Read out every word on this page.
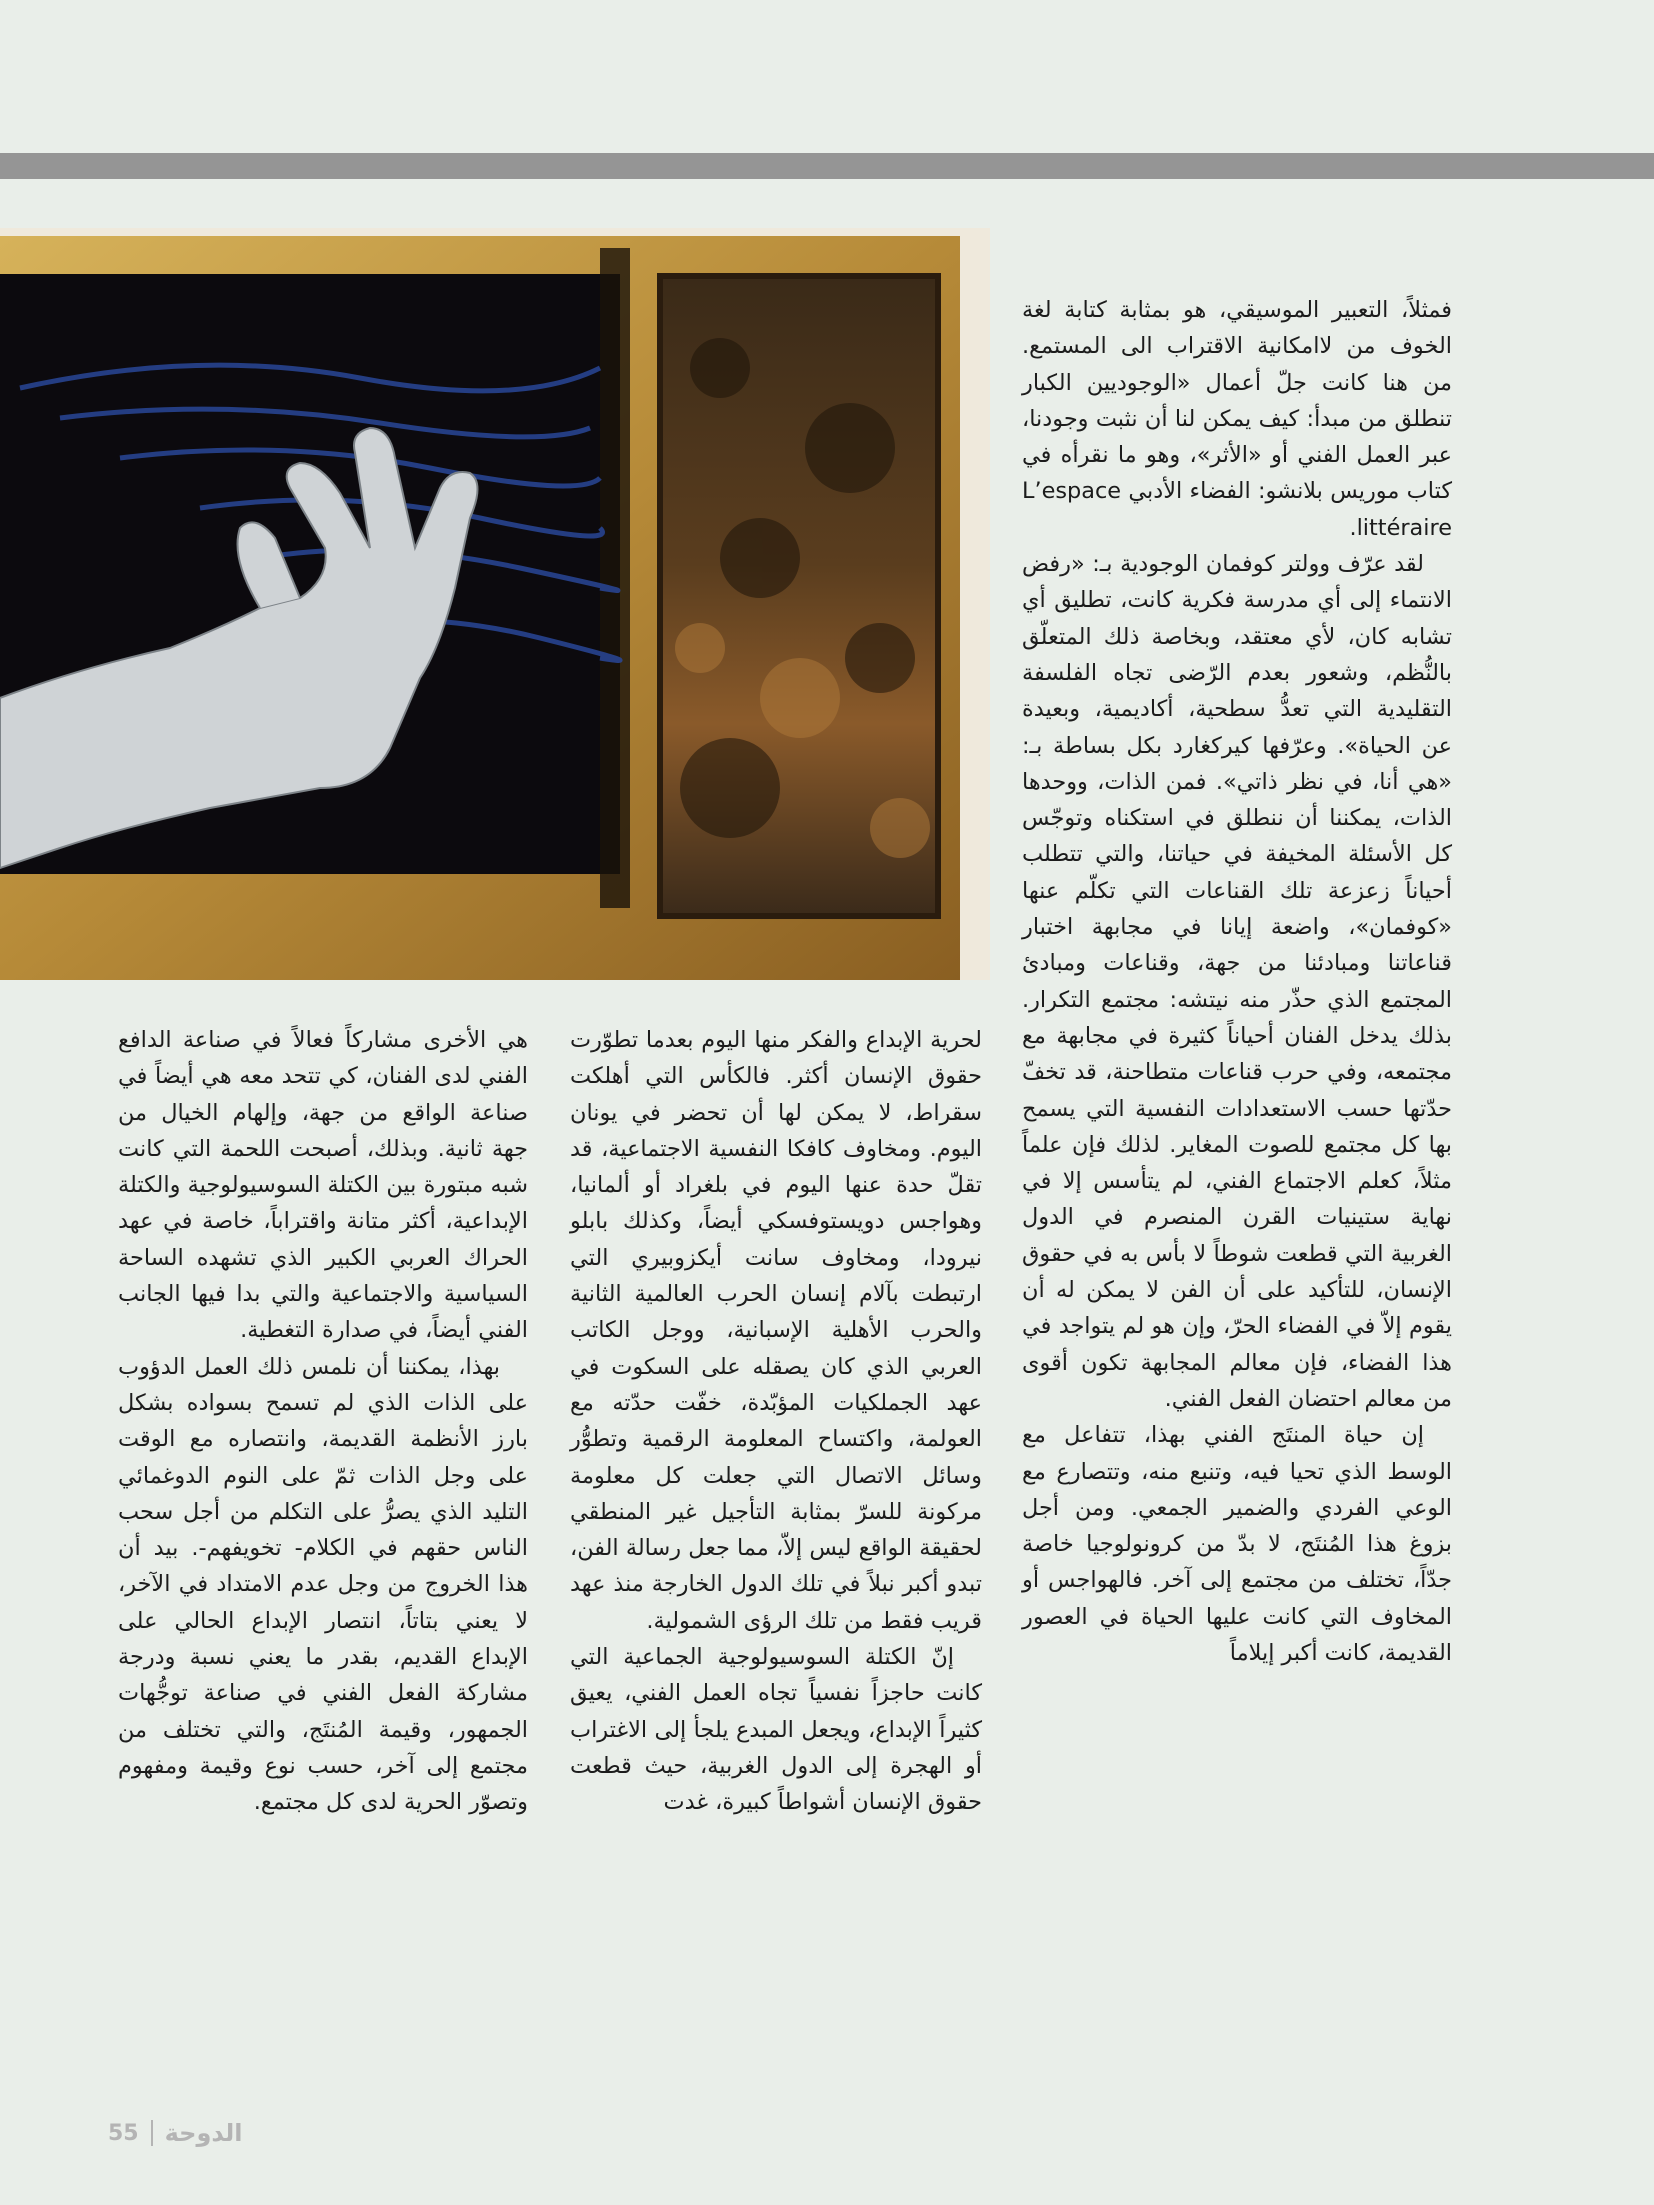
فمثلاً، التعبير الموسيقي، هو بمثابة كتابة لغة الخوف من لاامكانية الاقتراب الى المستمع. من هنا كانت جلّ أعمال «الوجوديين الكبار تنطلق من مبدأ: كيف يمكن لنا أن نثبت وجودنا، عبر العمل الفني أو «الأثر»، وهو ما نقرأه في كتاب موريس بلانشو: الفضاء الأدبي L’espace littéraire.

لقد عرّف وولتر كوفمان الوجودية بـ: «رفض الانتماء إلى أي مدرسة فكرية كانت، تطليق أي تشابه كان، لأي معتقد، وبخاصة ذلك المتعلّق بالنُّظم، وشعور بعدم الرّضى تجاه الفلسفة التقليدية التي تعدُّ سطحية، أكاديمية، وبعيدة عن الحياة». وعرّفها كيركغارد بكل بساطة بـ: «هي أنا، في نظر ذاتي». فمن الذات، ووحدها الذات، يمكننا أن ننطلق في استكناه وتوجّس كل الأسئلة المخيفة في حياتنا، والتي تتطلب أحياناً زعزعة تلك القناعات التي تكلّم عنها «كوفمان»، واضعة إيانا في مجابهة اختبار قناعاتنا ومبادئنا من جهة، وقناعات ومبادئ المجتمع الذي حذّر منه نيتشه: مجتمع التكرار. بذلك يدخل الفنان أحياناً كثيرة في مجابهة مع مجتمعه، وفي حرب قناعات متطاحنة، قد تخفّ حدّتها حسب الاستعدادات النفسية التي يسمح بها كل مجتمع للصوت المغاير. لذلك فإن علماً مثلاً، كعلم الاجتماع الفني، لم يتأسس إلا في نهاية ستينيات القرن المنصرم في الدول الغربية التي قطعت شوطاً لا بأس به في حقوق الإنسان، للتأكيد على أن الفن لا يمكن له أن يقوم إلاّ في الفضاء الحرّ، وإن هو لم يتواجد في هذا الفضاء، فإن معالم المجابهة تكون أقوى من معالم احتضان الفعل الفني.

إن حياة المنتَج الفني بهذا، تتفاعل مع الوسط الذي تحيا فيه، وتنبع منه، وتتصارع مع الوعي الفردي والضمير الجمعي. ومن أجل بزوغ هذا المُنتَج، لا بدّ من كرونولوجيا خاصة جدّاً، تختلف من مجتمع إلى آخر. فالهواجس أو المخاوف التي كانت عليها الحياة في العصور القديمة، كانت أكبر إيلاماً

لحرية الإبداع والفكر منها اليوم بعدما تطوّرت حقوق الإنسان أكثر. فالكأس التي أهلكت سقراط، لا يمكن لها أن تحضر في يونان اليوم. ومخاوف كافكا النفسية الاجتماعية، قد تقلّ حدة عنها اليوم في بلغراد أو ألمانيا، وهواجس دويستوفسكي أيضاً، وكذلك بابلو نيرودا، ومخاوف سانت أيكزوبيري التي ارتبطت بآلام إنسان الحرب العالمية الثانية والحرب الأهلية الإسبانية، ووجل الكاتب العربي الذي كان يصقله على السكوت في عهد الجملكيات المؤبّدة، خفّت حدّته مع العولمة، واكتساح المعلومة الرقمية وتطوُّر وسائل الاتصال التي جعلت كل معلومة مركونة للسرّ بمثابة التأجيل غير المنطقي لحقيقة الواقع ليس إلاّ، مما جعل رسالة الفن، تبدو أكبر نبلاً في تلك الدول الخارجة منذ عهد قريب فقط من تلك الرؤى الشمولية.

إنّ الكتلة السوسيولوجية الجماعية التي كانت حاجزاً نفسياً تجاه العمل الفني، يعيق كثيراً الإبداع، ويجعل المبدع يلجأ إلى الاغتراب أو الهجرة إلى الدول الغربية، حيث قطعت حقوق الإنسان أشواطاً كبيرة، غدت

هي الأخرى مشاركاً فعالاً في صناعة الدافع الفني لدى الفنان، كي تتحد معه هي أيضاً في صناعة الواقع من جهة، وإلهام الخيال من جهة ثانية. وبذلك، أصبحت اللحمة التي كانت شبه مبتورة بين الكتلة السوسيولوجية والكتلة الإبداعية، أكثر متانة واقتراباً، خاصة في عهد الحراك العربي الكبير الذي تشهده الساحة السياسية والاجتماعية والتي بدا فيها الجانب الفني أيضاً، في صدارة التغطية.

بهذا، يمكننا أن نلمس ذلك العمل الدؤوب على الذات الذي لم تسمح بسواده بشكل بارز الأنظمة القديمة، وانتصاره مع الوقت على وجل الذات ثمّ على النوم الدوغمائي التليد الذي يصرُّ على التكلم من أجل سحب الناس حقهم في الكلام- تخويفهم-. بيد أن هذا الخروج من وجل عدم الامتداد في الآخر، لا يعني بتاتاً، انتصار الإبداع الحالي على الإبداع القديم، بقدر ما يعني نسبة ودرجة مشاركة الفعل الفني في صناعة توجُّهات الجمهور، وقيمة المُنتَج، والتي تختلف من مجتمع إلى آخر، حسب نوع وقيمة ومفهوم وتصوّر الحرية لدى كل مجتمع.

55 الدوحة
